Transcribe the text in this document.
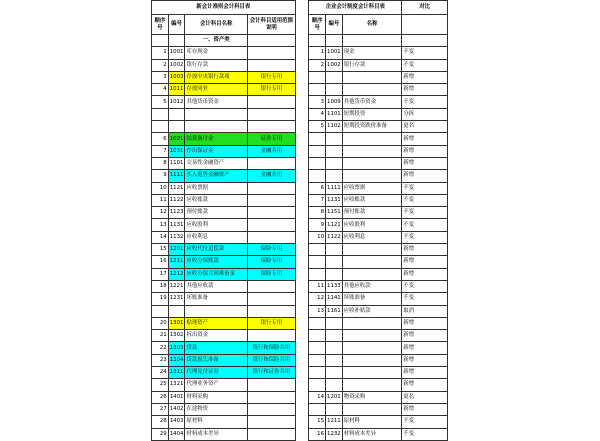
新会计准则会计科目表					企业会计制度会计科目表			对比
顺序号	编号	会计科目名称	会计科目适用范围说明		顺序号	编号	名称	
		一、资产类						
1	1001	库存现金			1	1001	现金	不变
2	1002	银行存款			2	1002	银行存款	不变
3	1003	存放中央银行款项	银行专用					新增
4	1011	存放同业	银行专用					新增
5	1012	其他货币资金			3	1009	其他货币资金	不变
					4	1101	短期投资	分拆
					5	1102	短期投资跌价准备	更名
6	1021	结算备付金	证券专用					新增
7	1031	存出保证金	金融共用					新增
8	1101	交易性金融资产						新增
9	1111	买入返售金融资产	金融共用					新增
10	1121	应收票据			6	1111	应收票据	不变
11	1122	应收账款			7	1131	应收账款	不变
12	1123	预付账款			8	1151	预付账款	不变
13	1131	应收股利			9	1121	应收股利	不变
14	1132	应收利息			10	1122	应收利息	不变
15	1201	应收代位追偿款	保险专用					新增
16	1211	应收分保账款	保险专用					新增
17	1212	应收分保合同准备金	保险专用					新增
18	1221	其他应收款			11	1133	其他应收款	不变
19	1231	坏账准备			12	1141	坏账准备	不变
					13	1161	应收补贴款	取消
20	1301	贴现资产	银行专用					新增
21	1302	拆出资金						新增
22	1303	贷款	银行和保险共用					新增
23	1304	贷款损失准备	银行和保险共用					新增
24	1311	代理兑付证券	银行和证券共用					新增
25	1321	代理业务资产						新增
26	1401	材料采购			14	1201	物资采购	更名
27	1402	在途物资						新增
28	1403	原材料			15	1211	原材料	不变
29	1404	材料成本差异			16	1232	材料成本差异	不变
